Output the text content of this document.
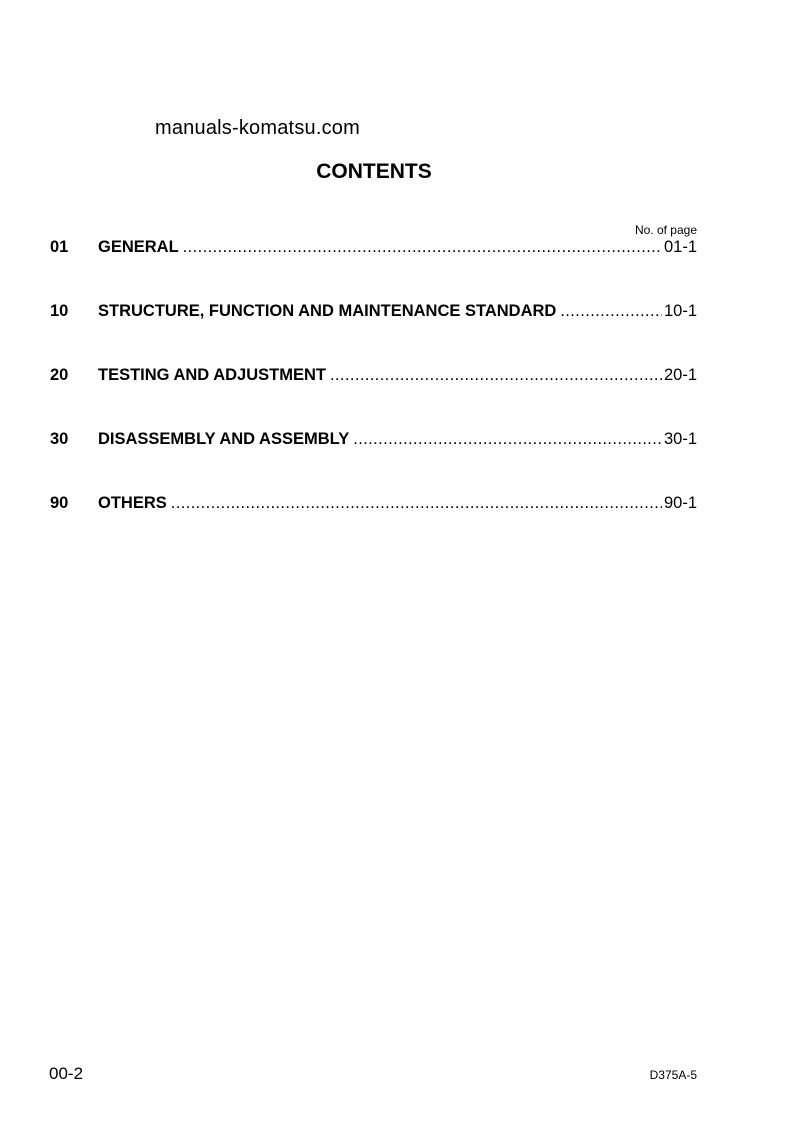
manuals-komatsu.com
CONTENTS
No. of page
01	GENERAL .....	01-1
10	STRUCTURE, FUNCTION AND MAINTENANCE STANDARD .....	10-1
20	TESTING AND ADJUSTMENT .....	20-1
30	DISASSEMBLY AND ASSEMBLY .....	30-1
90	OTHERS .....	90-1
00-2	D375A-5
